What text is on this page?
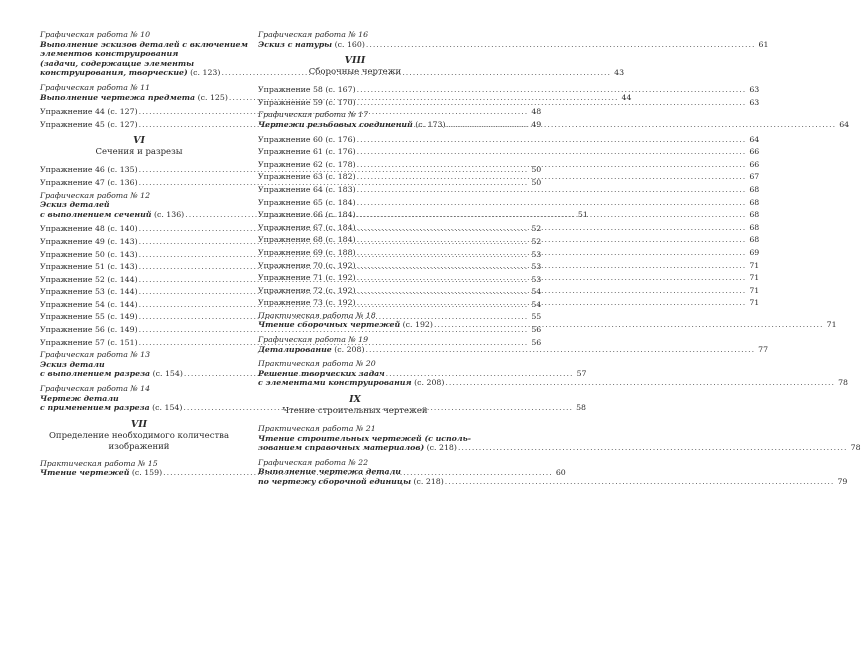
Графическая работа № 10
Выполнение эскизов деталей с включением
элементов конструирования
(задачи, содержащие элементы
конструирования, творческие) (с. 123) .....	43
Графическая работа № 11
Выполнение чертежа предмета (с. 125) .....	44
Упражнение 44 (с. 127) .....	48
Упражнение 45 (с. 127) .....	49
VI
Сечения и разрезы
Упражнение 46 (с. 135) .....	50
Упражнение 47 (с. 136) .....	50
Графическая работа № 12
Эскиз деталей
с выполнением сечений (с. 136) .....	51
Упражнение 48 (с. 140) .....	52
Упражнение 49 (с. 143) .....	52
Упражнение 50 (с. 143) .....	53
Упражнение 51 (с. 143) .....	53
Упражнение 52 (с. 144) .....	53
Упражнение 53 (с. 144) .....	54
Упражнение 54 (с. 144) .....	54
Упражнение 55 (с. 149) .....	55
Упражнение 56 (с. 149) .....	56
Упражнение 57 (с. 151) .....	56
Графическая работа № 13
Эскиз детали
с выполнением разреза (с. 154) .....	57
Графическая работа № 14
Чертеж детали
с применением разреза (с. 154) .....	58
VII
Определение необходимого количества
изображений
Практическая работа № 15
Чтение чертежей (с. 159) .....	60
Графическая работа № 16
Эскиз с натуры (с. 160) .....	61
VIII
Сборочные чертежи
Упражнение 58 (с. 167) .....	63
Упражнение 59 (с. 170) .....	63
Графическая работа № 17
Чертежи резьбовых соединений (с. 173) .....	64
Упражнение 60 (с. 176) .....	64
Упражнение 61 (с. 176) .....	66
Упражнение 62 (с. 178) .....	66
Упражнение 63 (с. 182) .....	67
Упражнение 64 (с. 183) .....	68
Упражнение 65 (с. 184) .....	68
Упражнение 66 (с. 184) .....	68
Упражнение 67 (с. 184) .....	68
Упражнение 68 (с. 184) .....	68
Упражнение 69 (с. 188) .....	69
Упражнение 70 (с. 192) .....	71
Упражнение 71 (с. 192) .....	71
Упражнение 72 (с. 192) .....	71
Упражнение 73 (с. 192) .....	71
Практическая работа № 18
Чтение сборочных чертежей (с. 192) .....	71
Графическая работа № 19
Деталирование (с. 208) .....	77
Практическая работа № 20
Решение творческих задач
с элементами конструирования (с. 208) .....	78
IX
Чтение строительных чертежей
Практическая работа № 21
Чтение строительных чертежей (с исполь-
зованием справочных материалов) (с. 218) .....	78
Графическая работа № 22
Выполнение чертежа детали
по чертежу сборочной единицы (с. 218) .....	79
